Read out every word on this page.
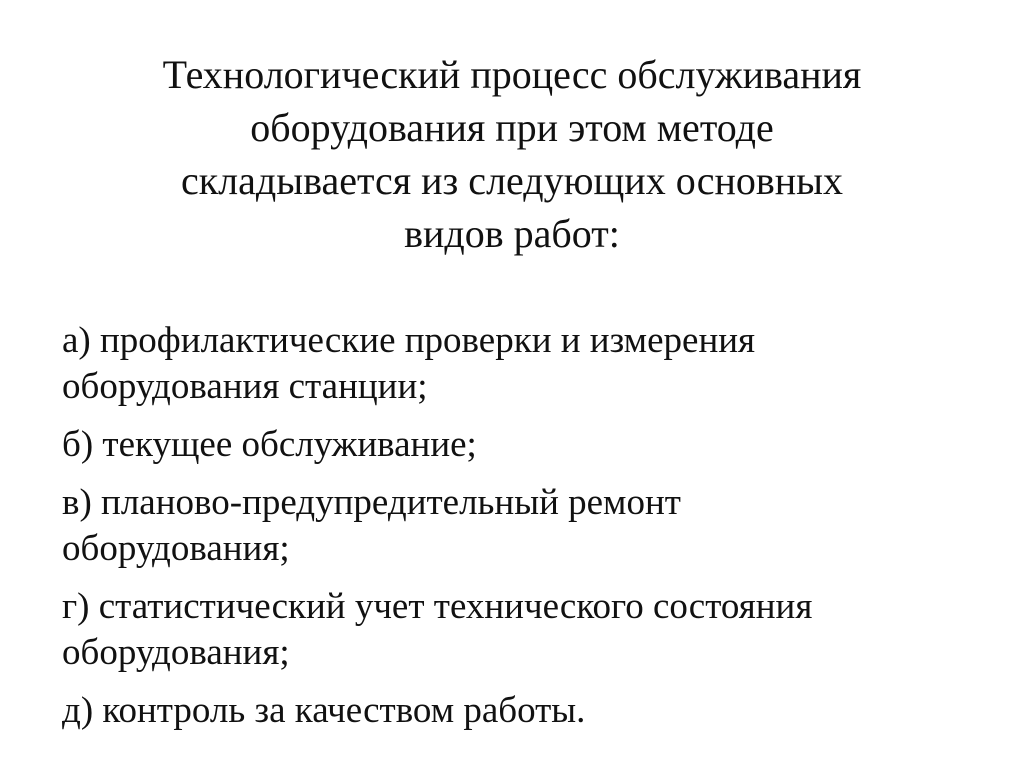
Технологический процесс обслуживания
оборудования при этом методе
складывается из следующих основных
видов работ:
а) профилактические проверки и измерения
оборудования станции;
б) текущее обслуживание;
в) планово-предупредительный ремонт
оборудования;
г) статистический учет технического состояния
оборудования;
д) контроль за качеством работы.
